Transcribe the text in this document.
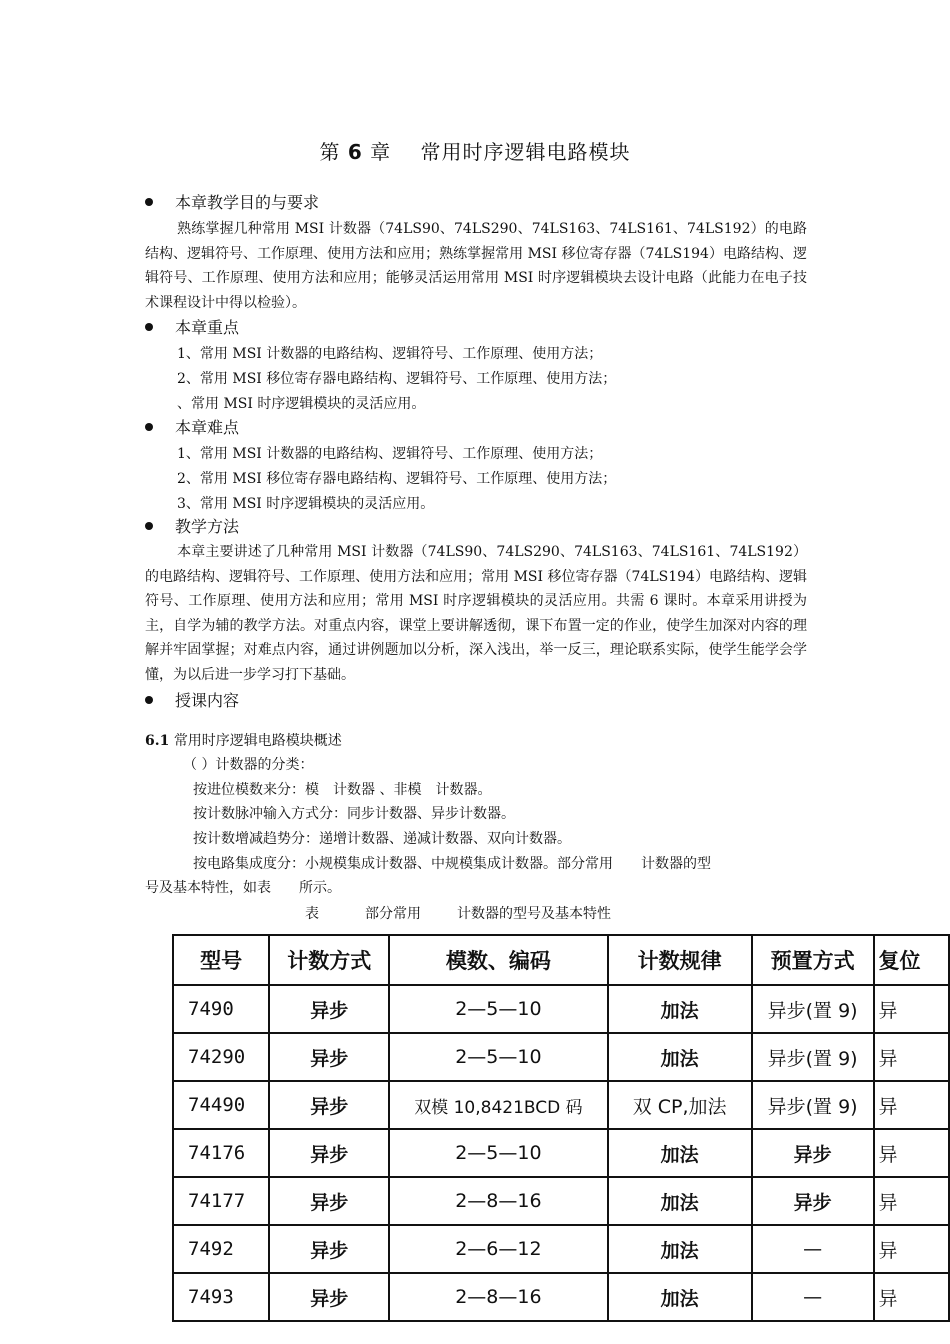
第 6 章 常用时序逻辑电路模块
本章教学目的与要求
熟练掌握几种常用 MSI 计数器（74LS90、74LS290、74LS163、74LS161、74LS192）的电路结构、逻辑符号、工作原理、使用方法和应用；熟练掌握常用 MSI 移位寄存器（74LS194）电路结构、逻辑符号、工作原理、使用方法和应用；能够灵活运用常用 MSI 时序逻辑模块去设计电路（此能力在电子技术课程设计中得以检验）。
本章重点
1、常用 MSI 计数器的电路结构、逻辑符号、工作原理、使用方法；
2、常用 MSI 移位寄存器电路结构、逻辑符号、工作原理、使用方法；
、常用 MSI 时序逻辑模块的灵活应用。
本章难点
1、常用 MSI 计数器的电路结构、逻辑符号、工作原理、使用方法；
2、常用 MSI 移位寄存器电路结构、逻辑符号、工作原理、使用方法；
3、常用 MSI 时序逻辑模块的灵活应用。
教学方法
本章主要讲述了几种常用 MSI 计数器（74LS90、74LS290、74LS163、74LS161、74LS192）的电路结构、逻辑符号、工作原理、使用方法和应用；常用 MSI 移位寄存器（74LS194）电路结构、逻辑符号、工作原理、使用方法和应用；常用 MSI 时序逻辑模块的灵活应用。共需 6 课时。本章采用讲授为主，自学为辅的教学方法。对重点内容，课堂上要讲解透彻，课下布置一定的作业，使学生加深对内容的理解并牢固掌握；对难点内容，通过讲例题加以分析，深入浅出，举一反三，理论联系实际，使学生能学会学懂，为以后进一步学习打下基础。
授课内容
6.1 常用时序逻辑电路模块概述
（ ）计数器的分类：
按进位模数来分：模　计数器 、非模　计数器。
按计数脉冲输入方式分：同步计数器、异步计数器。
按计数增减趋势分：递增计数器、递减计数器、双向计数器。
按电路集成度分：小规模集成计数器、中规模集成计数器。部分常用　　计数器的型
号及基本特性，如表　　所示。
表	部分常用	计数器的型号及基本特性
型号	计数方式	模数、编码	计数规律	预置方式	复位
7490	异步	2—5—10	加法	异步(置 9)	异
74290	异步	2—5—10	加法	异步(置 9)	异
74490	异步	双模 10,8421BCD 码	双 CP,加法	异步(置 9)	异
74176	异步	2—5—10	加法	异步	异
74177	异步	2—8—16	加法	异步	异
7492	异步	2—6—12	加法	—	异
7493	异步	2—8—16	加法	—	异
